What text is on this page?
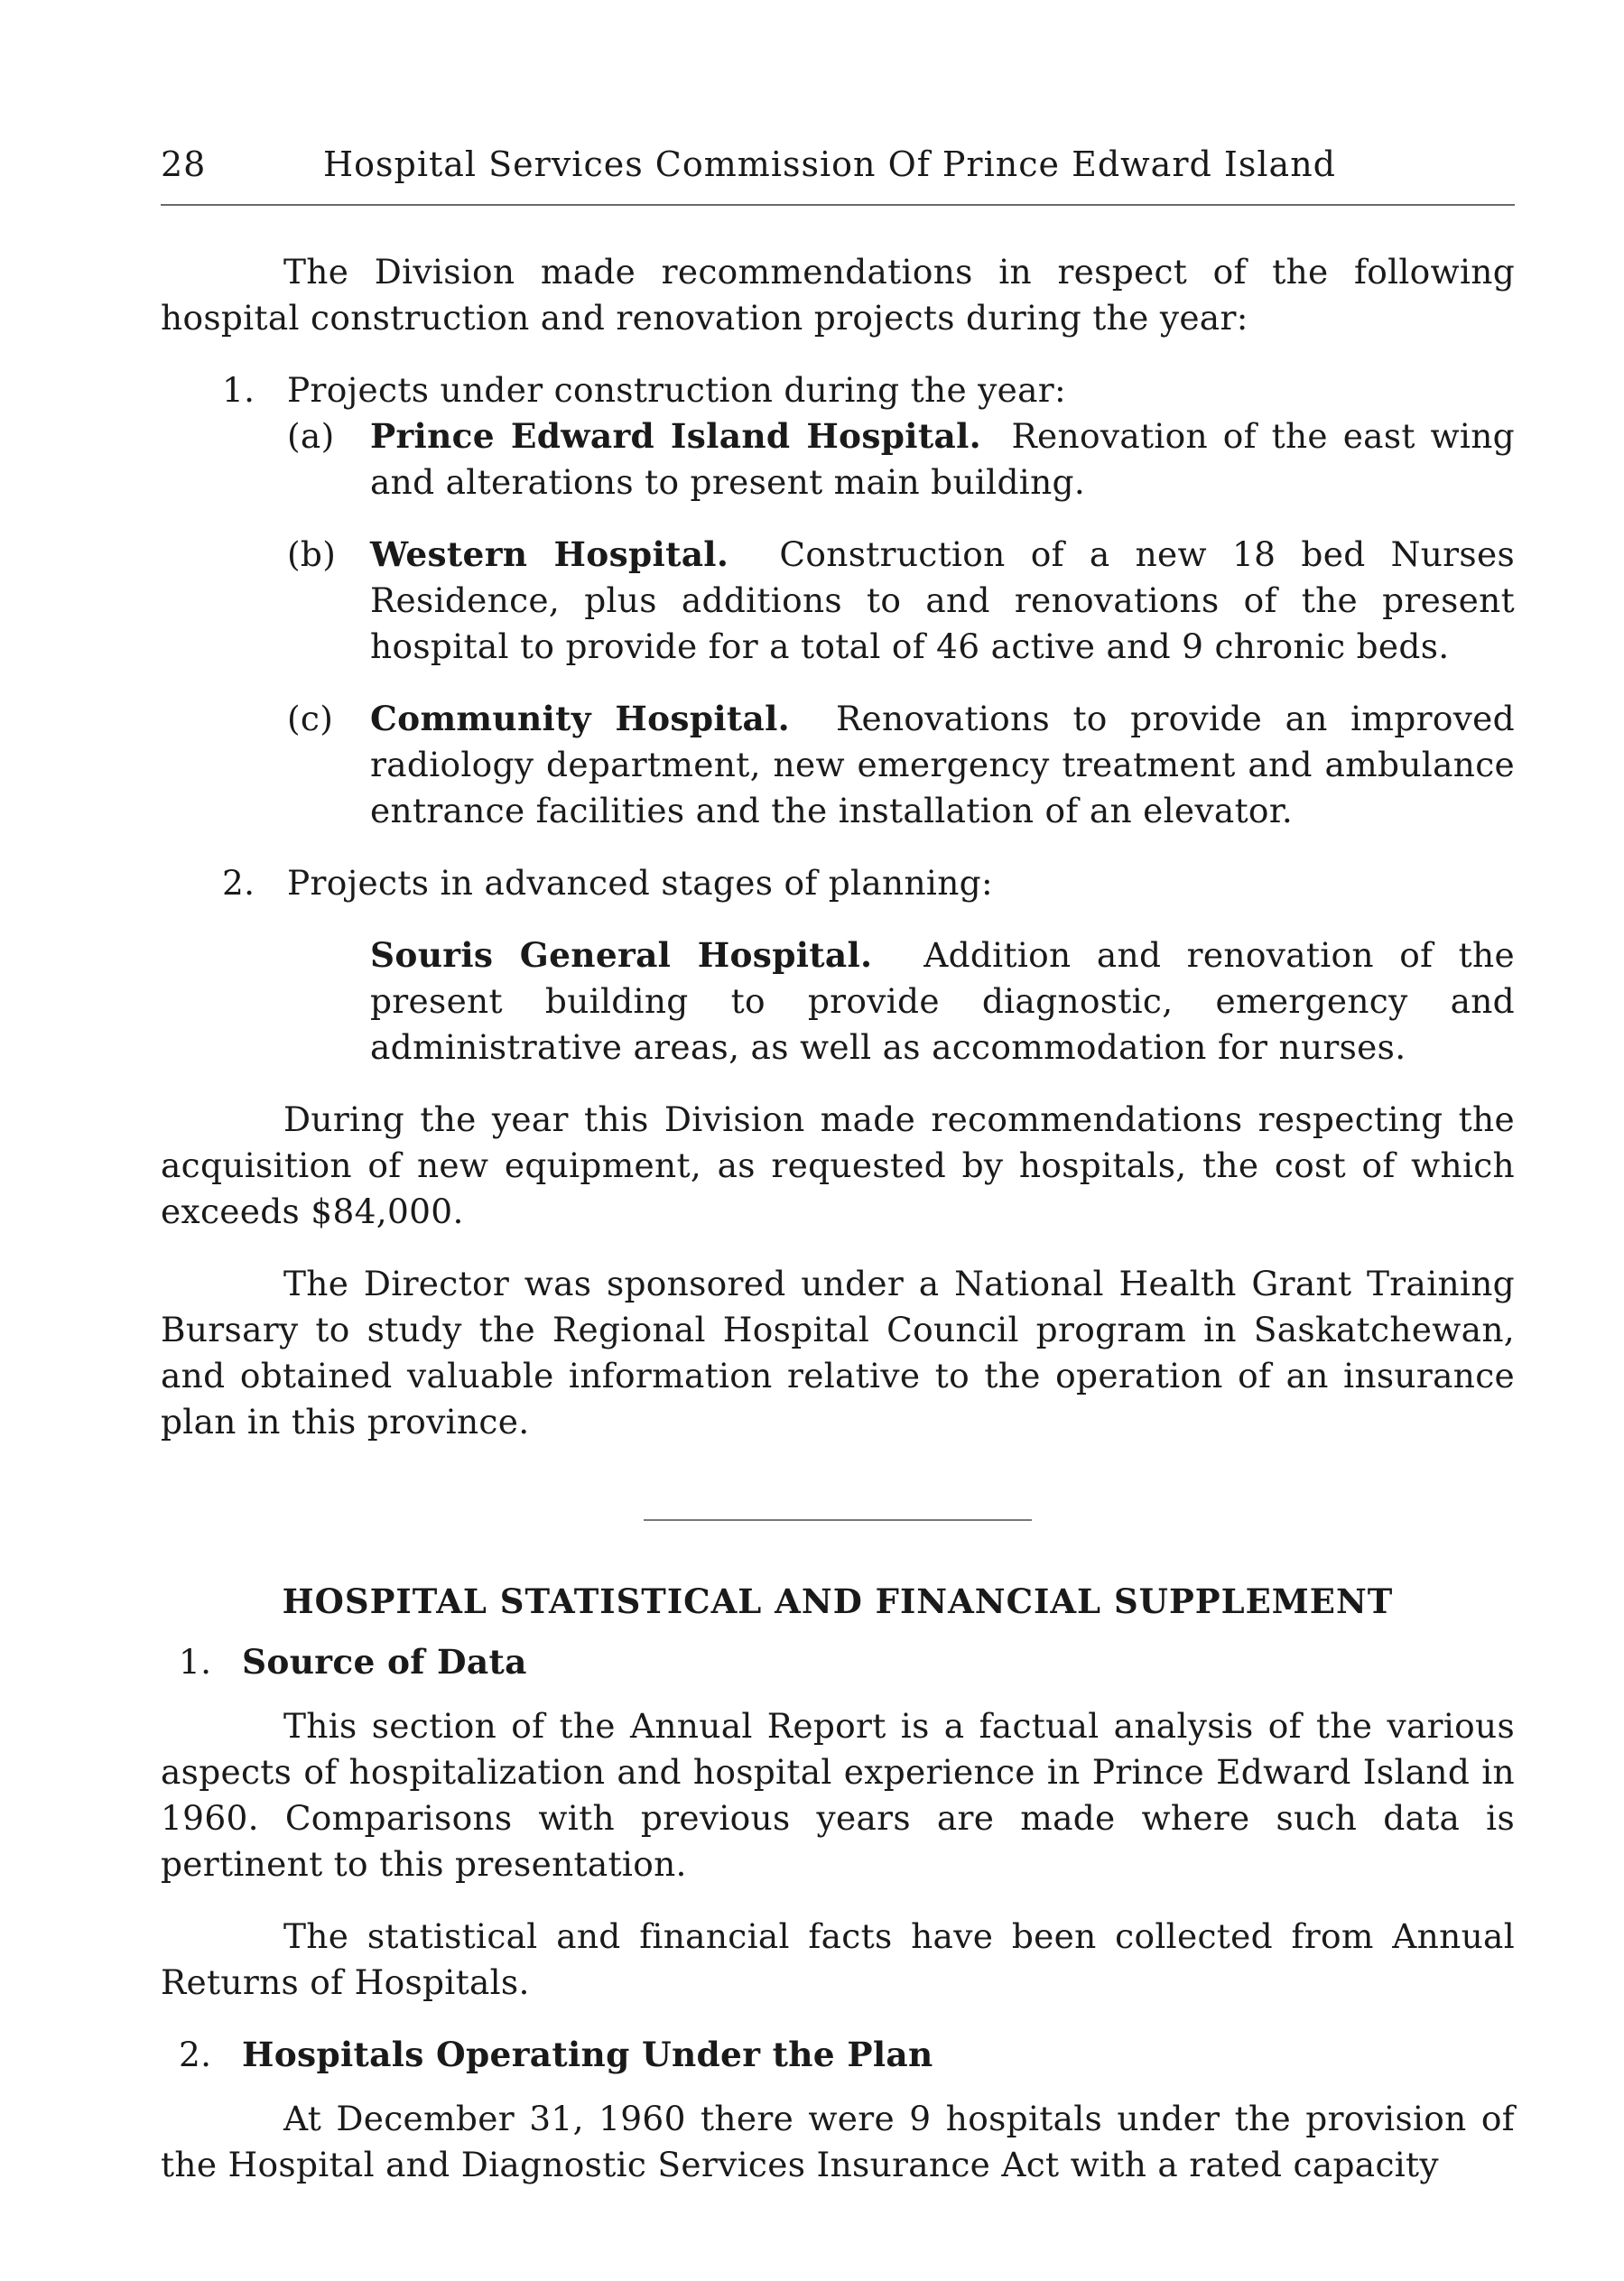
28	Hospital Services Commission Of Prince Edward Island

The Division made recommendations in respect of the following hospital construction and renovation projects during the year:

1. Projects under construction during the year:
(a) Prince Edward Island Hospital. Renovation of the east wing and alterations to present main building.
(b) Western Hospital. Construction of a new 18 bed Nurses Residence, plus additions to and renovations of the present hospital to provide for a total of 46 active and 9 chronic beds.
(c) Community Hospital. Renovations to provide an improved radiology department, new emergency treatment and ambulance entrance facilities and the installation of an elevator.
2. Projects in advanced stages of planning:
Souris General Hospital. Addition and renovation of the present building to provide diagnostic, emergency and administrative areas, as well as accommodation for nurses.

During the year this Division made recommendations respecting the acquisition of new equipment, as requested by hospitals, the cost of which exceeds $84,000.

The Director was sponsored under a National Health Grant Training Bursary to study the Regional Hospital Council program in Saskatchewan, and obtained valuable information relative to the operation of an insurance plan in this province.

HOSPITAL STATISTICAL AND FINANCIAL SUPPLEMENT
1. Source of Data

This section of the Annual Report is a factual analysis of the various aspects of hospitalization and hospital experience in Prince Edward Island in 1960. Comparisons with previous years are made where such data is pertinent to this presentation.

The statistical and financial facts have been collected from Annual Returns of Hospitals.

2. Hospitals Operating Under the Plan

At December 31, 1960 there were 9 hospitals under the provision of the Hospital and Diagnostic Services Insurance Act with a rated capacity
